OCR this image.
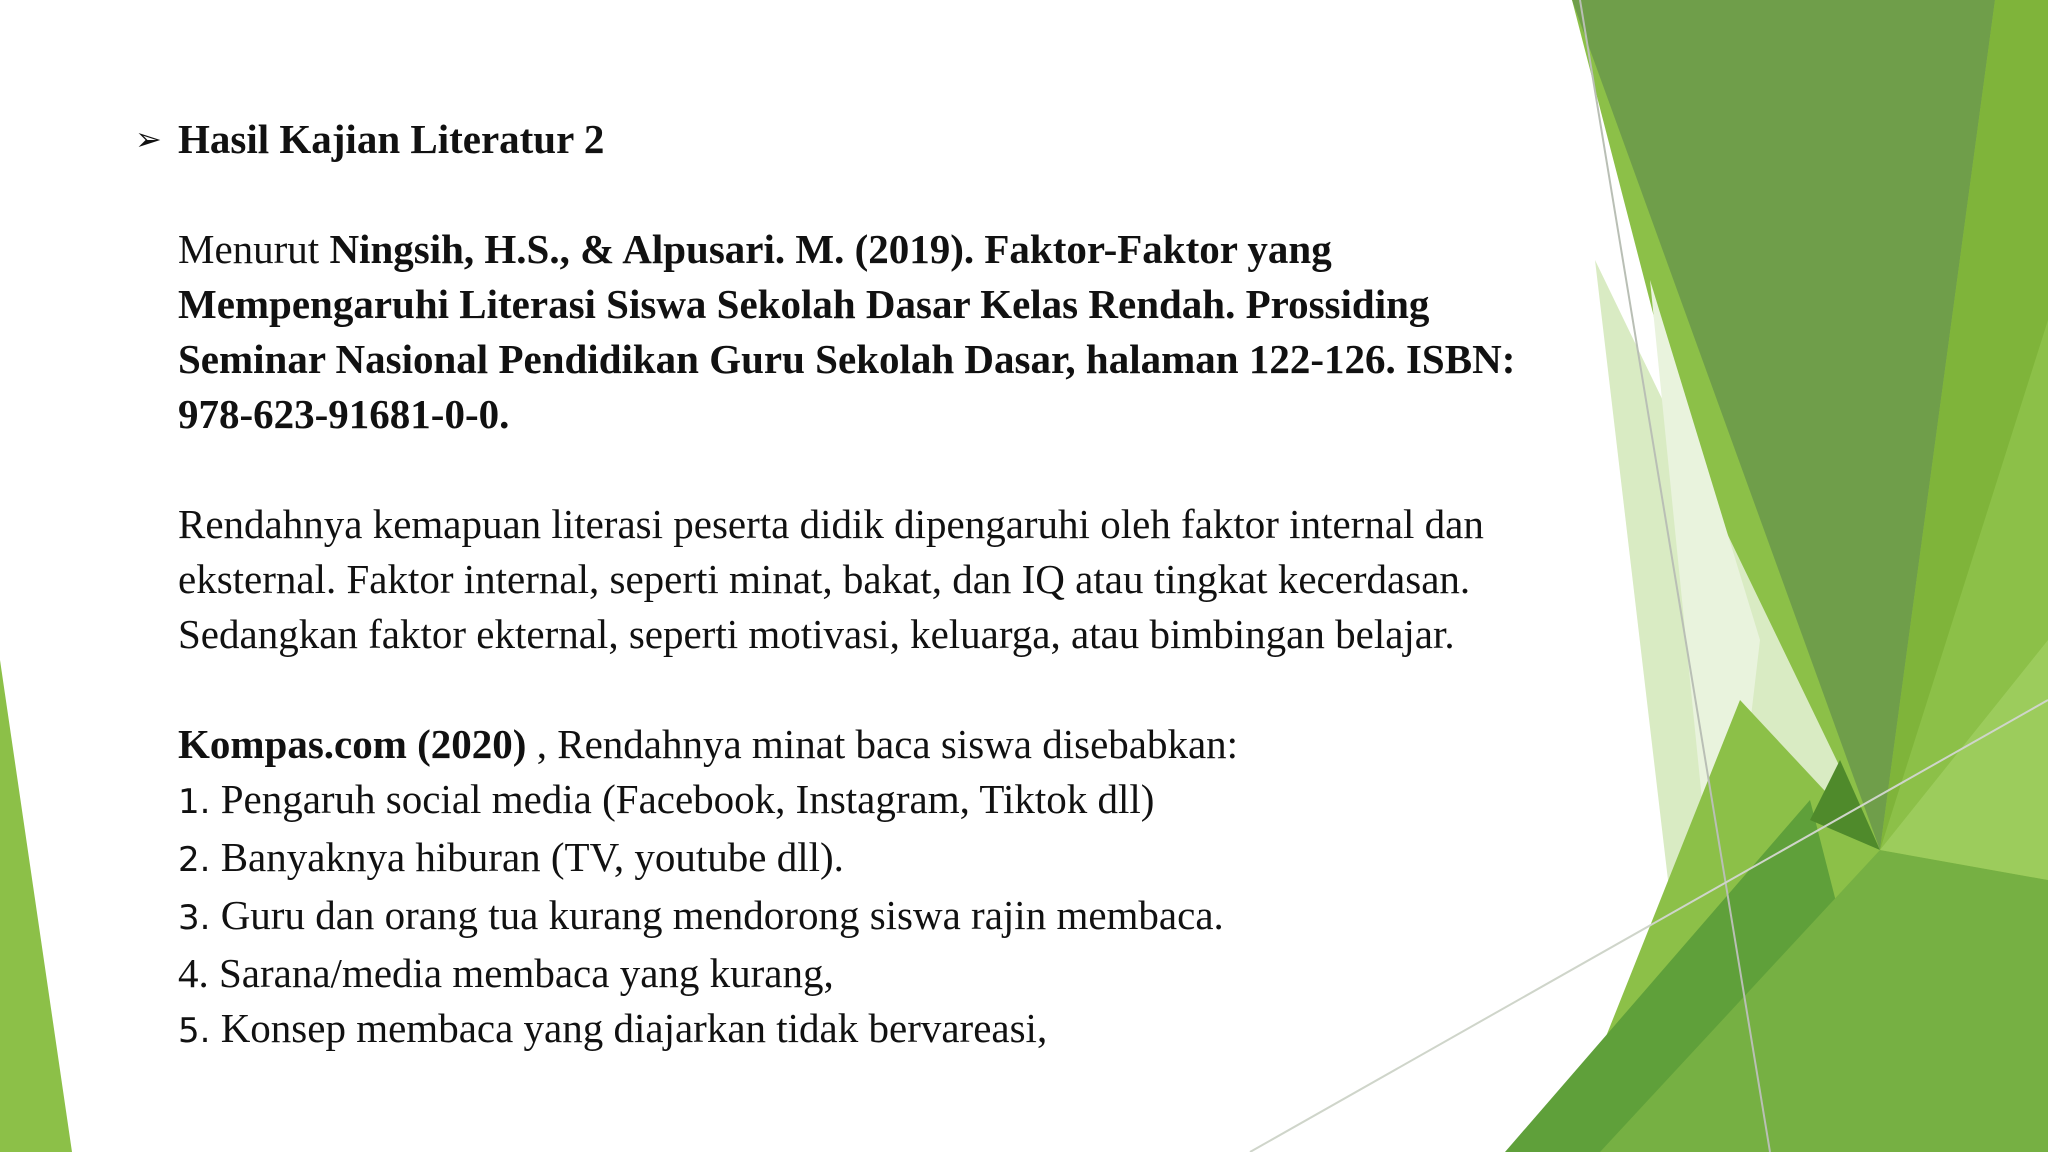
➢ Hasil Kajian Literatur 2

Menurut Ningsih, H.S., & Alpusari. M. (2019). Faktor-Faktor yang Mempengaruhi Literasi Siswa Sekolah Dasar Kelas Rendah. Prossiding Seminar Nasional Pendidikan Guru Sekolah Dasar, halaman 122-126. ISBN: 978-623-91681-0-0.

Rendahnya kemapuan literasi peserta didik dipengaruhi oleh faktor internal dan eksternal. Faktor internal, seperti minat, bakat, dan IQ atau tingkat kecerdasan. Sedangkan faktor ekternal, seperti motivasi, keluarga, atau bimbingan belajar.

Kompas.com (2020) , Rendahnya minat baca siswa disebabkan:

1. Pengaruh social media (Facebook, Instagram, Tiktok dll)
2. Banyaknya hiburan (TV, youtube dll).
3. Guru dan orang tua kurang mendorong siswa rajin membaca.
4. Sarana/media membaca yang kurang,
5. Konsep membaca yang diajarkan tidak bervareasi,
